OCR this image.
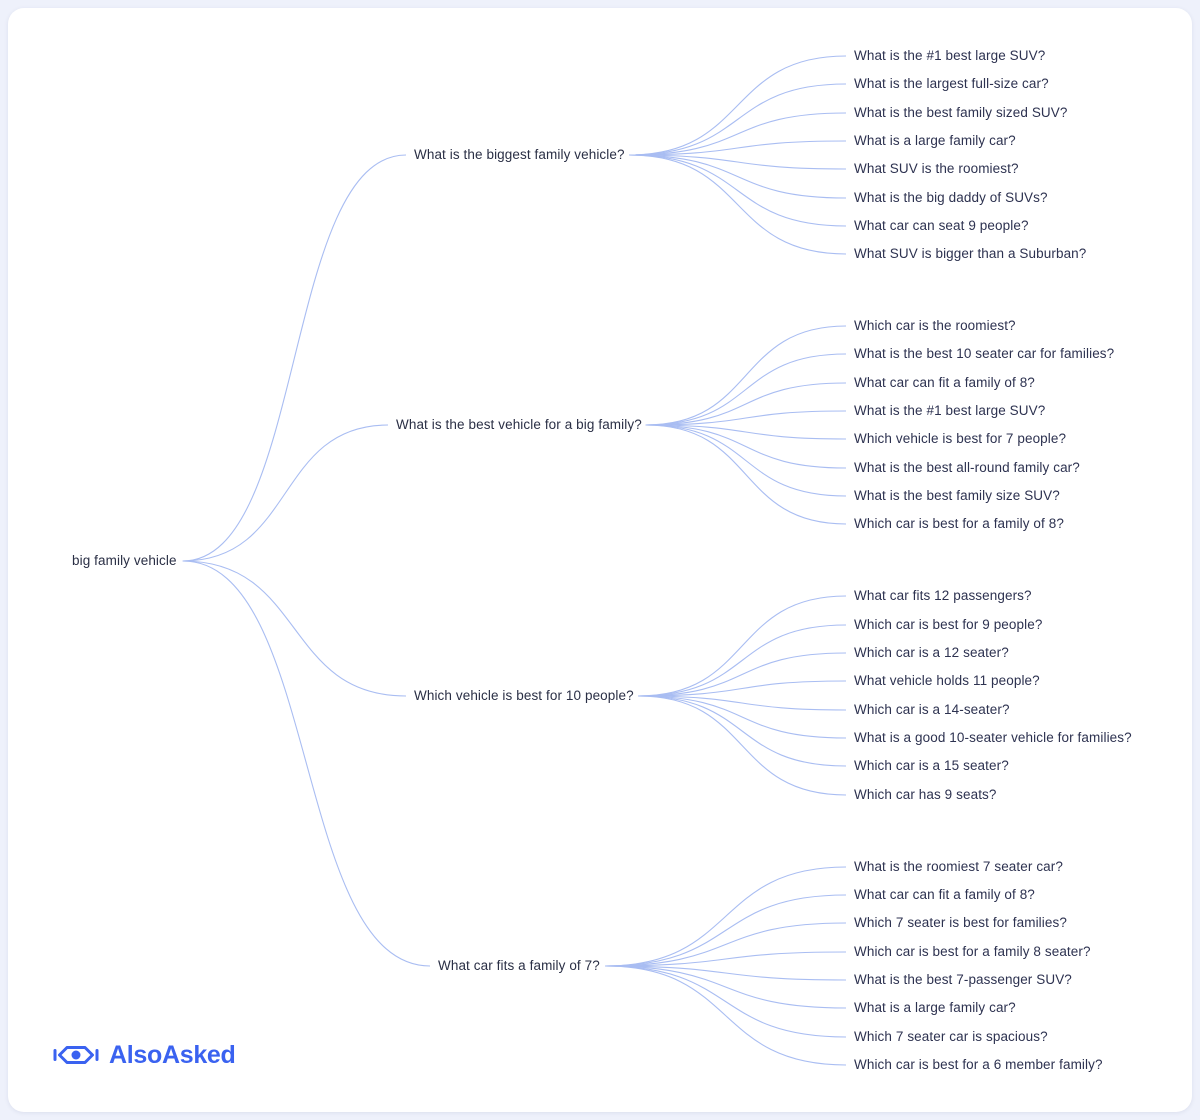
big family vehicle
What is the biggest family vehicle?
What is the #1 best large SUV?
What is the largest full-size car?
What is the best family sized SUV?
What is a large family car?
What SUV is the roomiest?
What is the big daddy of SUVs?
What car can seat 9 people?
What SUV is bigger than a Suburban?
What is the best vehicle for a big family?
Which car is the roomiest?
What is the best 10 seater car for families?
What car can fit a family of 8?
What is the #1 best large SUV?
Which vehicle is best for 7 people?
What is the best all-round family car?
What is the best family size SUV?
Which car is best for a family of 8?
Which vehicle is best for 10 people?
What car fits 12 passengers?
Which car is best for 9 people?
Which car is a 12 seater?
What vehicle holds 11 people?
Which car is a 14-seater?
What is a good 10-seater vehicle for families?
Which car is a 15 seater?
Which car has 9 seats?
What car fits a family of 7?
What is the roomiest 7 seater car?
What car can fit a family of 8?
Which 7 seater is best for families?
Which car is best for a family 8 seater?
What is the best 7-passenger SUV?
What is a large family car?
Which 7 seater car is spacious?
Which car is best for a 6 member family?
AlsoAsked
